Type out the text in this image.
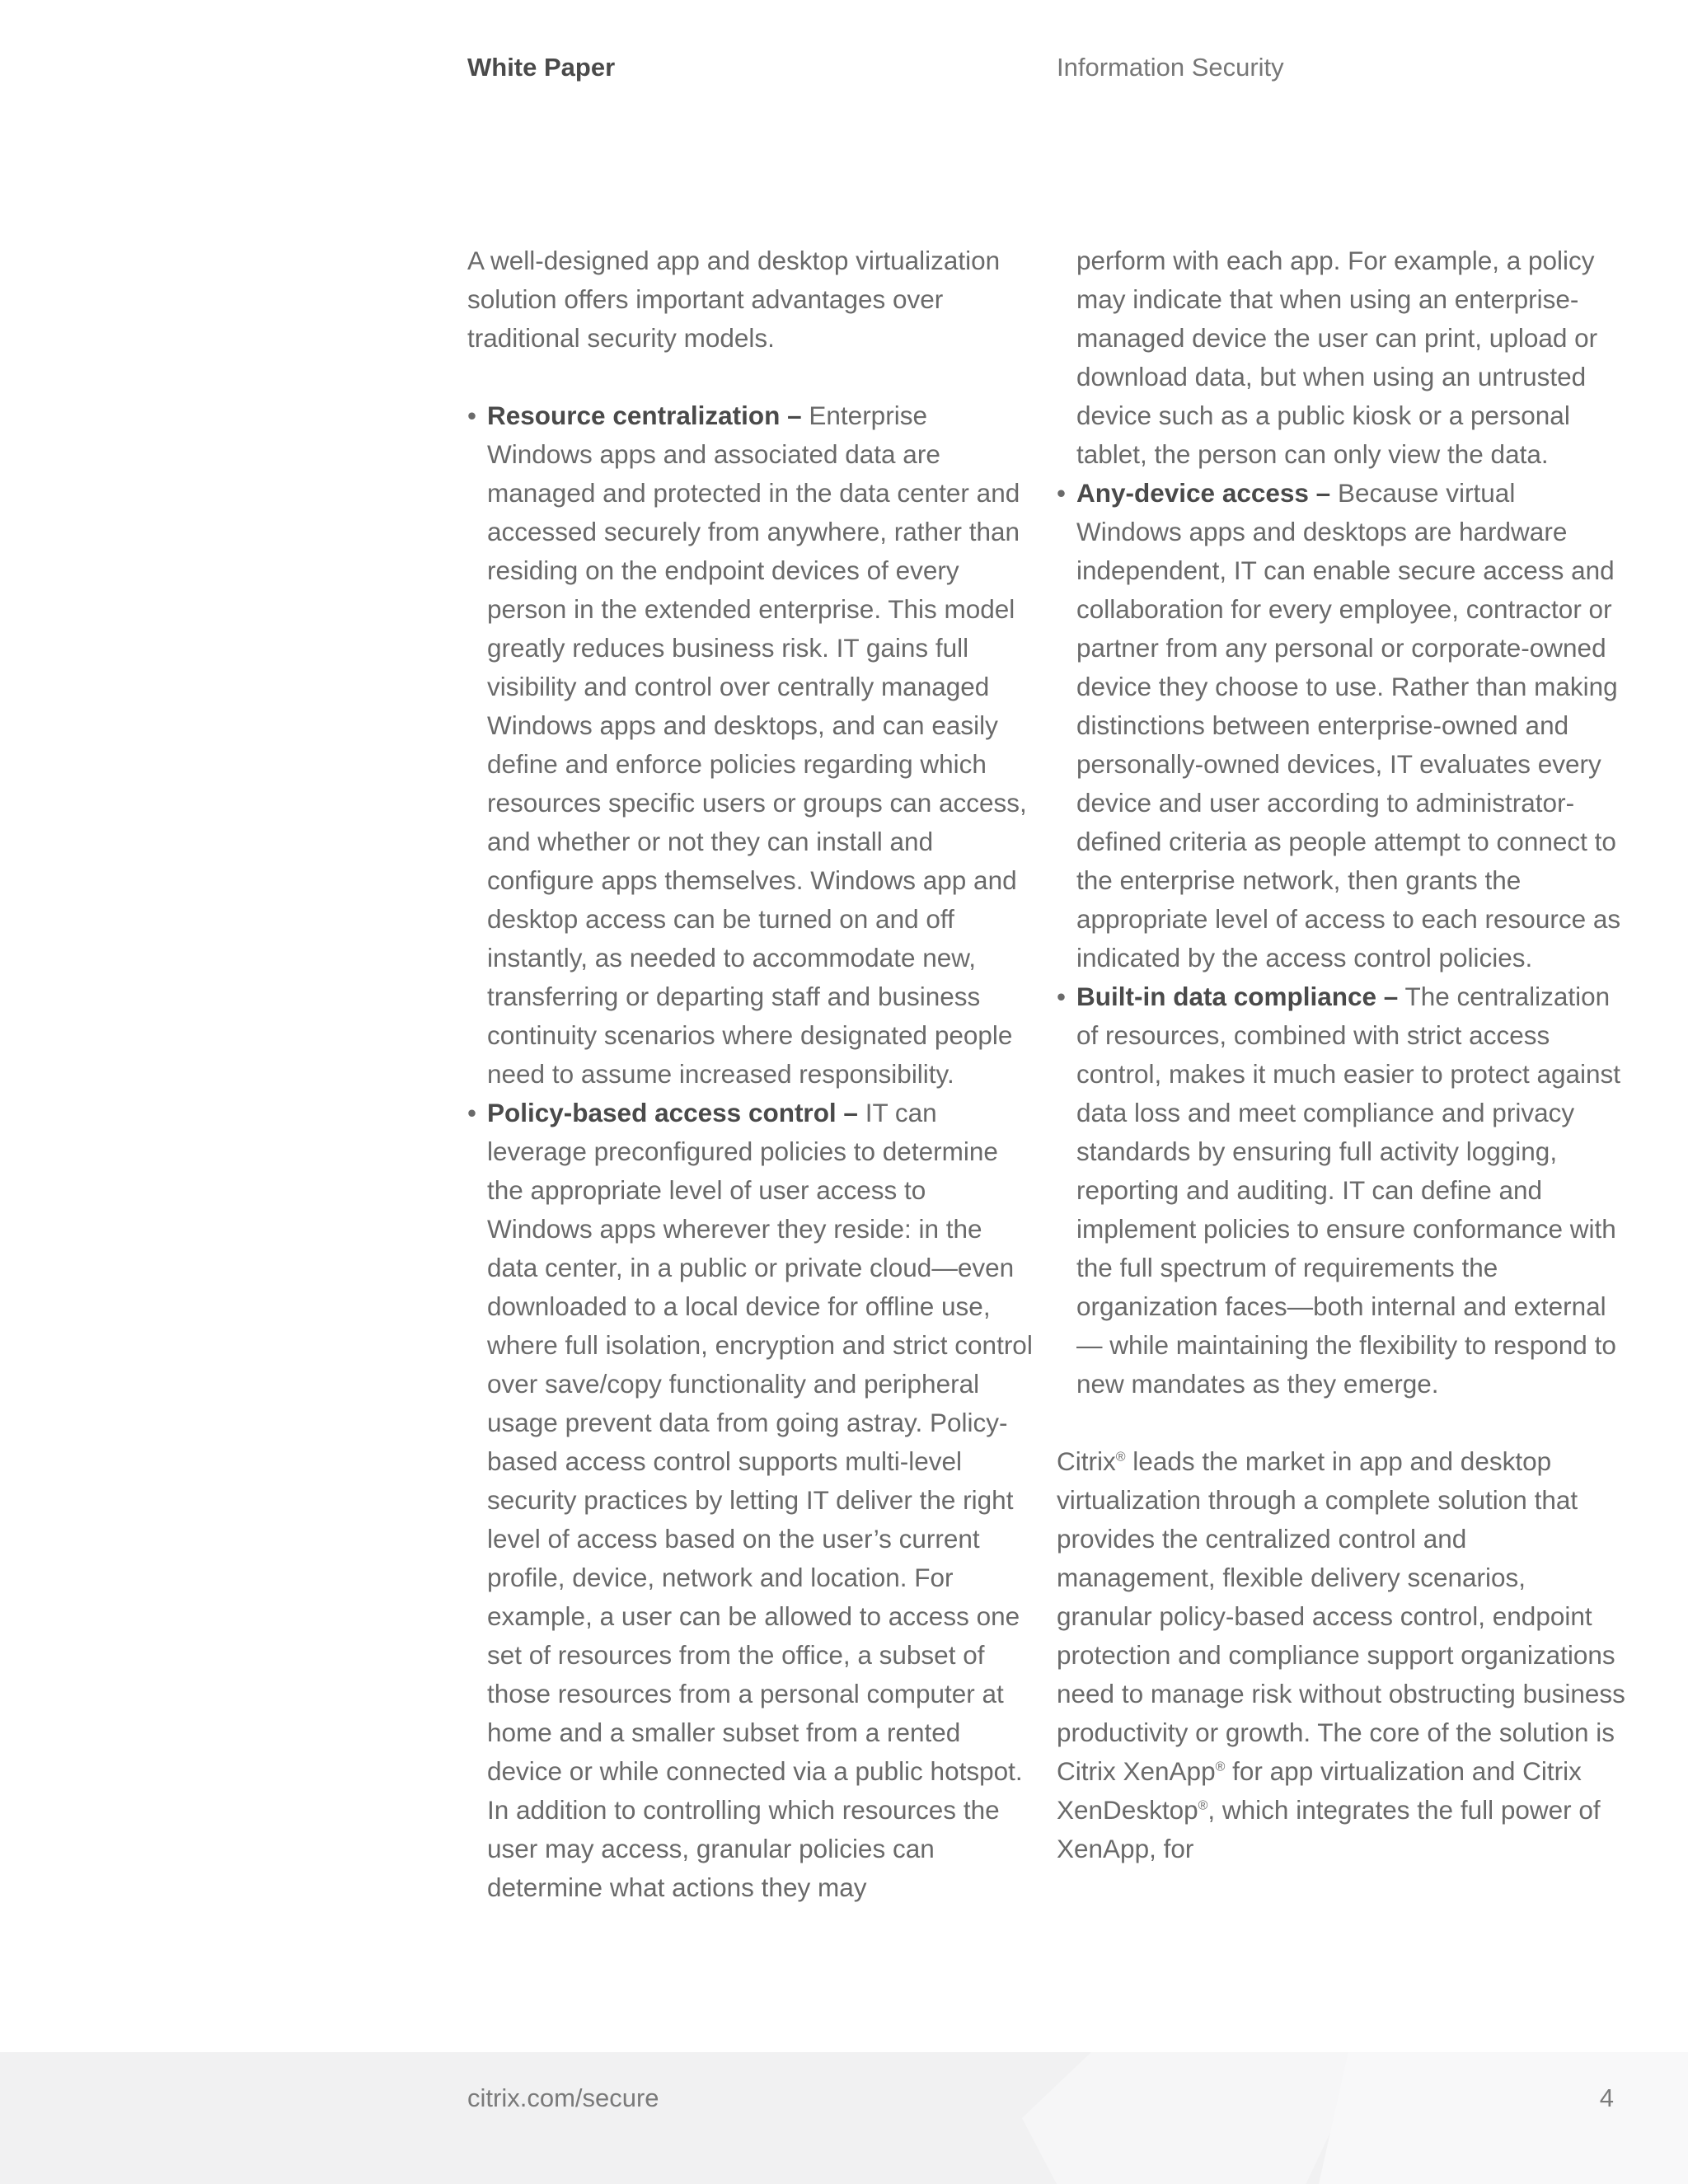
White Paper	Information Security

A well-designed app and desktop virtualization solution offers important advantages over traditional security models.

• Resource centralization – Enterprise Windows apps and associated data are managed and protected in the data center and accessed securely from anywhere, rather than residing on the endpoint devices of every person in the extended enterprise. This model greatly reduces business risk. IT gains full visibility and control over centrally managed Windows apps and desktops, and can easily define and enforce policies regarding which resources specific users or groups can access, and whether or not they can install and configure apps themselves. Windows app and desktop access can be turned on and off instantly, as needed to accommodate new, transferring or departing staff and business continuity scenarios where designated people need to assume increased responsibility.
• Policy-based access control – IT can leverage preconfigured policies to determine the appropriate level of user access to Windows apps wherever they reside: in the data center, in a public or private cloud—even downloaded to a local device for offline use, where full isolation, encryption and strict control over save/copy functionality and peripheral usage prevent data from going astray. Policy-based access control supports multi-level security practices by letting IT deliver the right level of access based on the user’s current profile, device, network and location. For example, a user can be allowed to access one set of resources from the office, a subset of those resources from a personal computer at home and a smaller subset from a rented device or while connected via a public hotspot. In addition to controlling which resources the user may access, granular policies can determine what actions they may

perform with each app. For example, a policy may indicate that when using an enterprise-managed device the user can print, upload or download data, but when using an untrusted device such as a public kiosk or a personal tablet, the person can only view the data.

• Any-device access – Because virtual Windows apps and desktops are hardware independent, IT can enable secure access and collaboration for every employee, contractor or partner from any personal or corporate-owned device they choose to use. Rather than making distinctions between enterprise-owned and personally-owned devices, IT evaluates every device and user according to administrator-defined criteria as people attempt to connect to the enterprise network, then grants the appropriate level of access to each resource as indicated by the access control policies.
• Built-in data compliance – The centralization of resources, combined with strict access control, makes it much easier to protect against data loss and meet compliance and privacy standards by ensuring full activity logging, reporting and auditing. IT can define and implement policies to ensure conformance with the full spectrum of requirements the organization faces—both internal and external— while maintaining the flexibility to respond to new mandates as they emerge.

Citrix® leads the market in app and desktop virtualization through a complete solution that provides the centralized control and management, flexible delivery scenarios, granular policy-based access control, endpoint protection and compliance support organizations need to manage risk without obstructing business productivity or growth. The core of the solution is Citrix XenApp® for app virtualization and Citrix XenDesktop®, which integrates the full power of XenApp, for

citrix.com/secure	4
